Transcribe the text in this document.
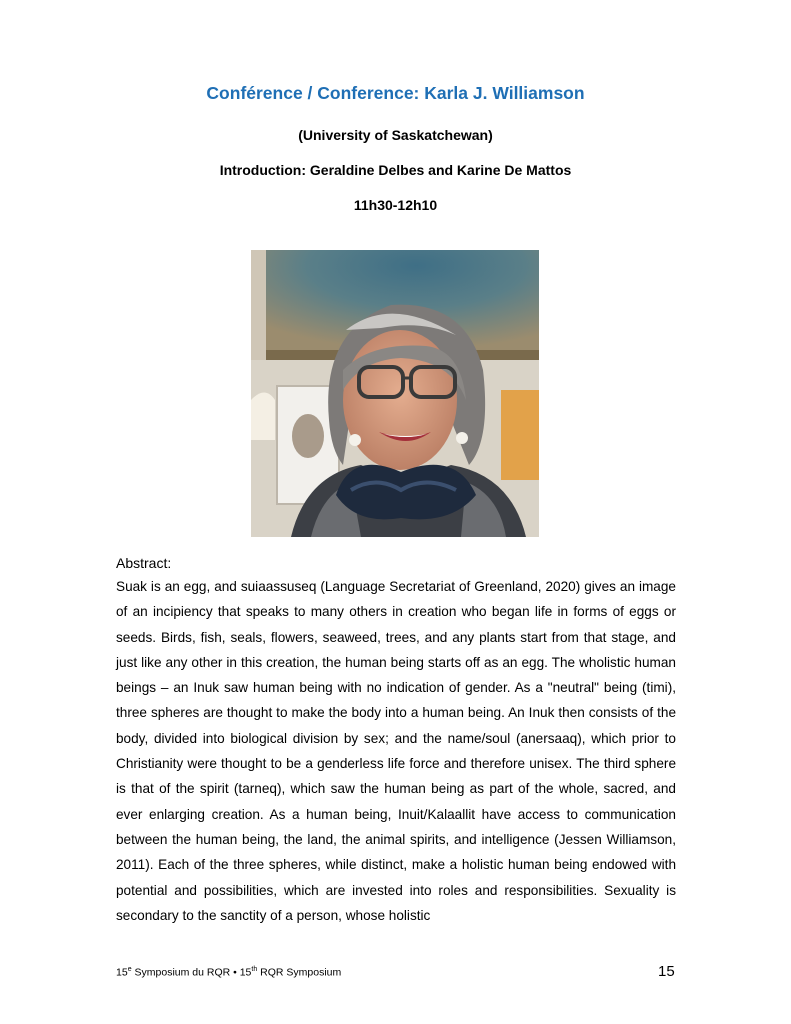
Conférence / Conference: Karla J. Williamson
(University of Saskatchewan)
Introduction: Geraldine Delbes and Karine De Mattos
11h30-12h10
Abstract:
Suak is an egg, and suiaassuseq (Language Secretariat of Greenland, 2020) gives an image of an incipiency that speaks to many others in creation who began life in forms of eggs or seeds. Birds, fish, seals, flowers, seaweed, trees, and any plants start from that stage, and just like any other in this creation, the human being starts off as an egg. The wholistic human beings – an Inuk saw human being with no indication of gender. As a "neutral" being (timi), three spheres are thought to make the body into a human being. An Inuk then consists of the body, divided into biological division by sex; and the name/soul (anersaaq), which prior to Christianity were thought to be a genderless life force and therefore unisex. The third sphere is that of the spirit (tarneq), which saw the human being as part of the whole, sacred, and ever enlarging creation. As a human being, Inuit/Kalaallit have access to communication between the human being, the land, the animal spirits, and intelligence (Jessen Williamson, 2011). Each of the three spheres, while distinct, make a holistic human being endowed with potential and possibilities, which are invested into roles and responsibilities. Sexuality is secondary to the sanctity of a person, whose holistic
15e Symposium du RQR • 15th RQR Symposium	15
